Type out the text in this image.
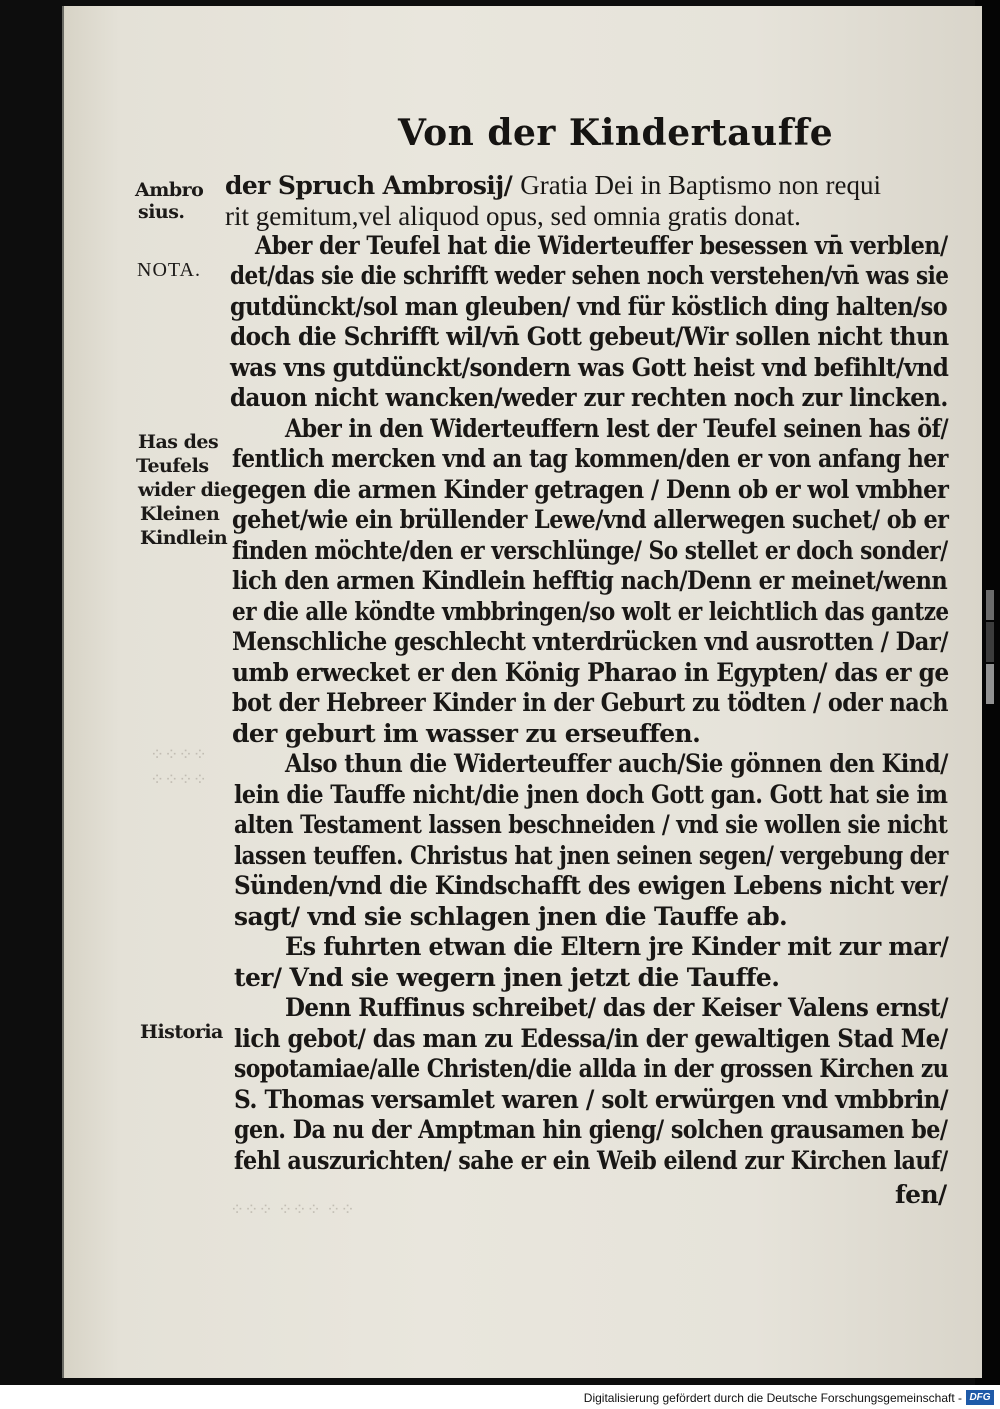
Von der Kindertauffe
Ambro
sius.
NOTA.
Has des
Teufels
wider die
Kleinen
Kindlein
Historia
⁘⁘⁘⁘
⁘⁘⁘⁘
⁘⁘⁘ ⁘⁘⁘ ⁘⁘
der Spruch Ambrosij/ Gratia Dei in Baptismo non requi
rit gemitum,vel aliquod opus, sed omnia gratis donat.
Aber der Teufel hat die Widerteuffer besessen vn̄ verblen/
det/das sie die schrifft weder sehen noch verstehen/vn̄ was sie
gutdünckt/sol man gleuben/ vnd für köstlich ding halten/so
doch die Schrifft wil/vn̄ Gott gebeut/Wir sollen nicht thun
was vns gutdünckt/sondern was Gott heist vnd befihlt/vnd
dauon nicht wancken/weder zur rechten noch zur lincken.
Aber in den Widerteuffern lest der Teufel seinen has öf/
fentlich mercken vnd an tag kommen/den er von anfang her
gegen die armen Kinder getragen / Denn ob er wol vmbher
gehet/wie ein brüllender Lewe/vnd allerwegen suchet/ ob er
finden möchte/den er verschlünge/ So stellet er doch sonder/
lich den armen Kindlein hefftig nach/Denn er meinet/wenn
er die alle köndte vmbbringen/so wolt er leichtlich das gantze
Menschliche geschlecht vnterdrücken vnd ausrotten / Dar/
umb erwecket er den König Pharao in Egypten/ das er ge
bot der Hebreer Kinder in der Geburt zu tödten / oder nach
der geburt im wasser zu erseuffen.
Also thun die Widerteuffer auch/Sie gönnen den Kind/
lein die Tauffe nicht/die jnen doch Gott gan. Gott hat sie im
alten Testament lassen beschneiden / vnd sie wollen sie nicht
lassen teuffen. Christus hat jnen seinen segen/ vergebung der
Sünden/vnd die Kindschafft des ewigen Lebens nicht ver/
sagt/ vnd sie schlagen jnen die Tauffe ab.
Es fuhrten etwan die Eltern jre Kinder mit zur mar/
ter/ Vnd sie wegern jnen jetzt die Tauffe.
Denn Ruffinus schreibet/ das der Keiser Valens ernst/
lich gebot/ das man zu Edessa/in der gewaltigen Stad Me/
sopotamiae/alle Christen/die allda in der grossen Kirchen zu
S. Thomas versamlet waren / solt erwürgen vnd vmbbrin/
gen. Da nu der Amptman hin gieng/ solchen grausamen be/
fehl auszurichten/ sahe er ein Weib eilend zur Kirchen lauf/
fen/
Digitalisierung gefördert durch die Deutsche Forschungsgemeinschaft - DFG
